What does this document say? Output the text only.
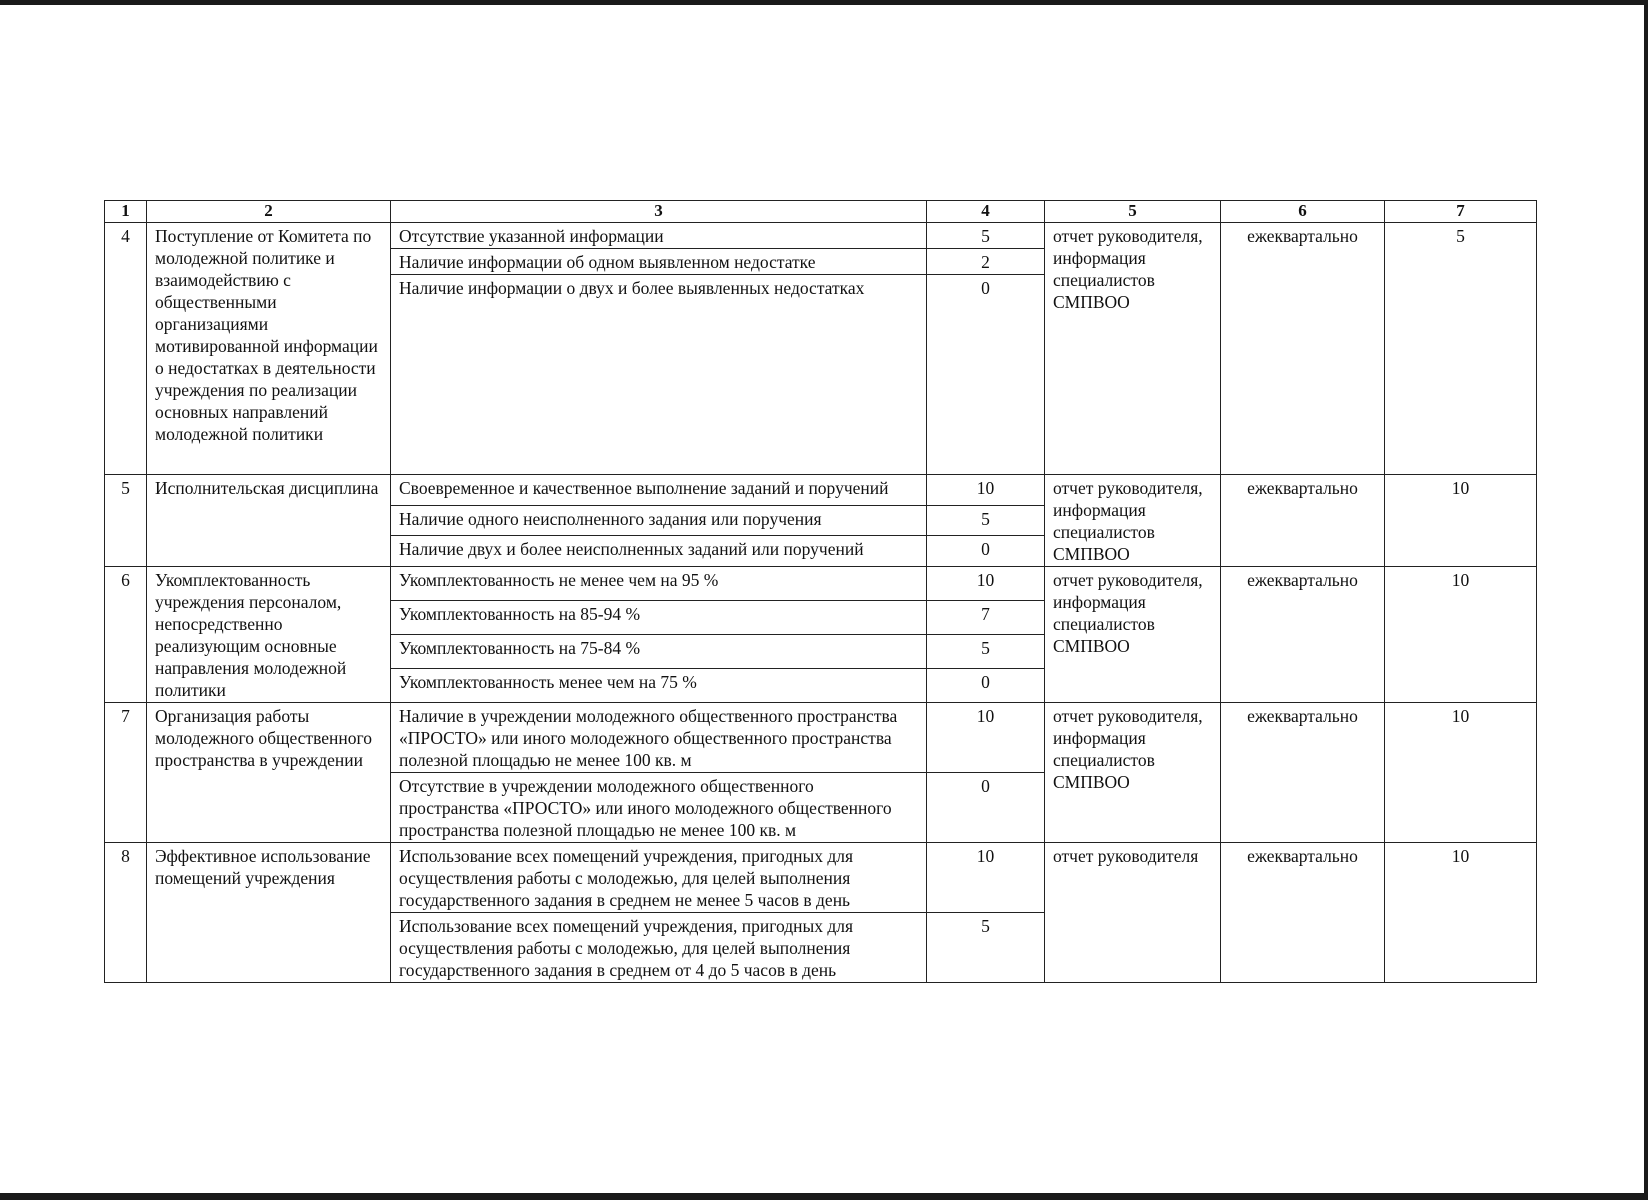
1	2	3	4	5	6	7
4	Поступление от Комитета по молодежной политике и взаимодействию с общественными организациями мотивированной информации о недостатках в деятельности учреждения по реализации основных направлений молодежной политики	Отсутствие указанной информации	5	отчет руководителя, информация специалистов СМПВОО	ежеквартально	5
		Наличие информации об одном выявленном недостатке	2			
		Наличие информации о двух и более выявленных недостатках	0			
5	Исполнительская дисциплина	Своевременное и качественное выполнение заданий и поручений	10	отчет руководителя, информация специалистов СМПВОО	ежеквартально	10
		Наличие одного неисполненного задания или поручения	5			
		Наличие двух и более неисполненных заданий или поручений	0			
6	Укомплектованность учреждения персоналом, непосредственно реализующим основные направления молодежной политики	Укомплектованность не менее чем на 95 %	10	отчет руководителя, информация специалистов СМПВОО	ежеквартально	10
		Укомплектованность на 85-94 %	7			
		Укомплектованность на 75-84 %	5			
		Укомплектованность менее чем на 75 %	0			
7	Организация работы молодежного общественного пространства в учреждении	Наличие в учреждении молодежного общественного пространства «ПРОСТО» или иного молодежного общественного пространства полезной площадью не менее 100 кв. м	10	отчет руководителя, информация специалистов СМПВОО	ежеквартально	10
		Отсутствие в учреждении молодежного общественного пространства «ПРОСТО» или иного молодежного общественного пространства полезной площадью не менее 100 кв. м	0			
8	Эффективное использование помещений учреждения	Использование всех помещений учреждения, пригодных для осуществления работы с молодежью, для целей выполнения государственного задания в среднем не менее 5 часов в день	10	отчет руководителя	ежеквартально	10
		Использование всех помещений учреждения, пригодных для осуществления работы с молодежью, для целей выполнения государственного задания в среднем от 4 до 5 часов в день	5			
